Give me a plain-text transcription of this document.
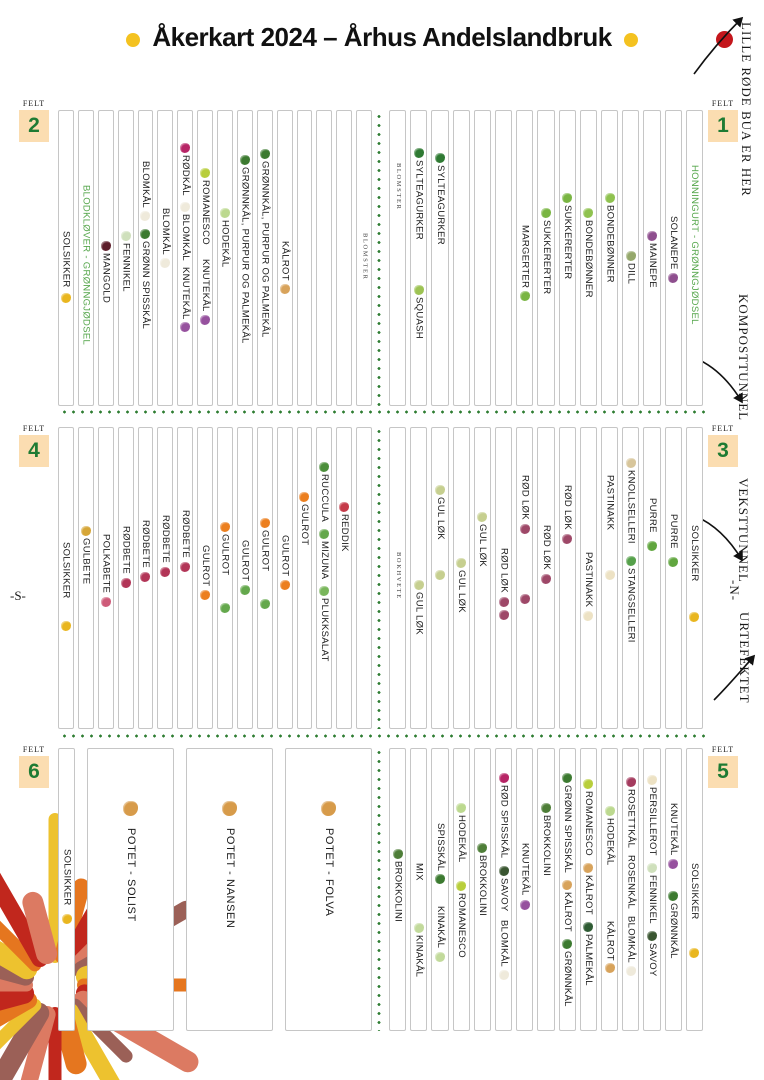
Åkerkart 2024 – Århus Andelslandbruk	LILLE RØDE BUA ER HER
KOMPOSTTUNNEL
VEKSTTUNNEL
-N-
URTEFEKTET
-S-
FELT
1
FELT
2
FELT
3
FELT
4
FELT
5
FELT
6
BLOMSTER SYLTEAGURKER
SQUASH
SYLTEAGURKER
MARGERTER SUKKERERTER SUKKERERTER BONDEBØNNER BONDEBØNNER DILL MAINEPE SOLANEPE HONNINGURT - GRØNNGJØDSEL
SOLSIKKER BLODKLØVER - GRØNNGJØDSEL MANGOLD FENNIKEL
BLOMKÅL
GRØNN SPISSKÅL
BLOMKÅL
RØDKÅL
BLOMKÅL
KNUTEKÅL
ROMANESCO
KNUTEKÅL
HODEKÅL GRØNNKÅL, PURPUR OG PALMEKÅL GRØNNKÅL, PURPUR OG PALMEKÅL KÅLROT	BLOMSTER
BOKHVETE
GUL LØK
GUL LØK
GUL LØK
GUL LØK
RØD LØK
RØD LØK
RØD LØK
RØD LØK
PASTINAKK
PASTINAKK KNOLLSELLERI
STANGSELLERI
PURRE PURRE SOLSIKKER
SOLSIKKER GULBETE POLKABETE RØDBETE RØDBETE RØDBETE RØDBETE
GULROT GULROT GULROT GULROT GULROT
GULROT
RUCCULA
MIZUNA
PLUKKSALAT
REDDIK
BROKKOLINI MIX
KINAKÅL
SPISSKÅL
KINAKÅL
HODEKÅL
ROMANESCO
BROKKOLINI
RØD SPISSKÅL
SAVOY
BLOMKÅL
KNUTEKÅL BROKKOLINI GRØNN SPISSKÅL
KÅLROT
GRØNNKÅL
ROMANESCO
KÅLROT
PALMEKÅL
HODEKÅL
KÅLROT
ROSETTKÅL
ROSENKÅL
BLOMKÅL
PERSILLEROT
FENNIKEL
SAVOY
KNUTEKÅL
GRØNNKÅL
SOLSIKKER
SOLSIKKER	POTET - SOLIST	POTET - NANSEN	POTET - FOLVA
